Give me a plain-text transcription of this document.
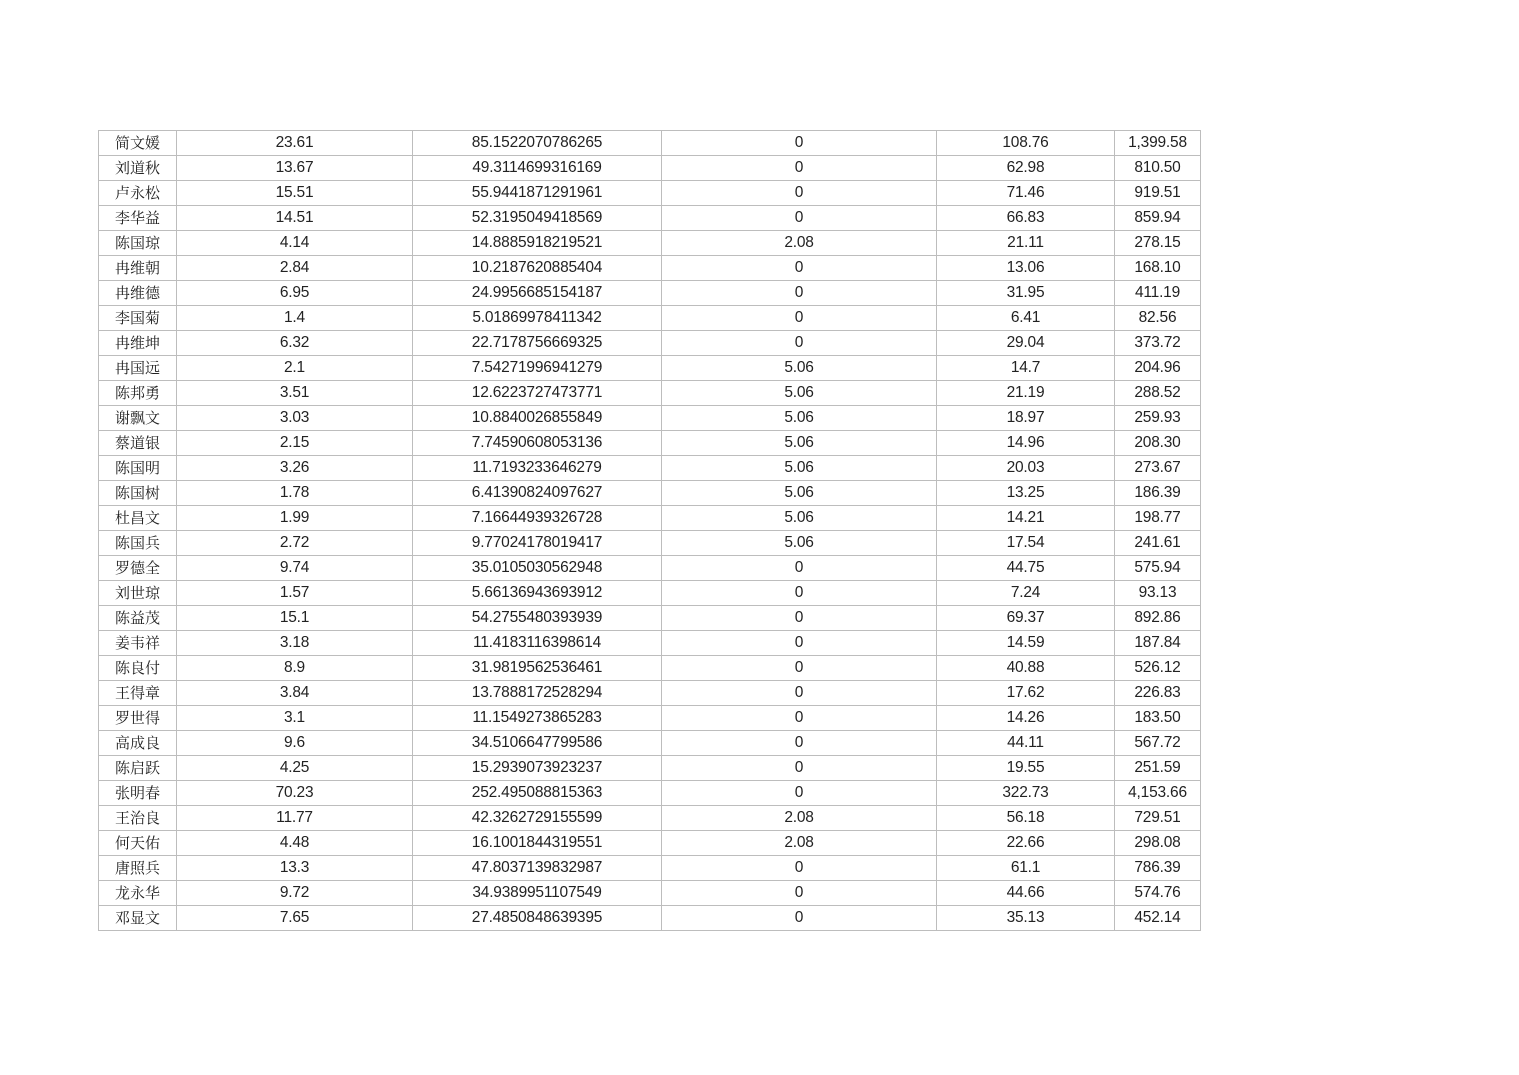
简文媛	23.61	85.1522070786265	0	108.76	1,399.58
刘道秋	13.67	49.3114699316169	0	62.98	810.50
卢永松	15.51	55.9441871291961	0	71.46	919.51
李华益	14.51	52.3195049418569	0	66.83	859.94
陈国琼	4.14	14.8885918219521	2.08	21.11	278.15
冉维朝	2.84	10.2187620885404	0	13.06	168.10
冉维德	6.95	24.9956685154187	0	31.95	411.19
李国菊	1.4	5.01869978411342	0	6.41	82.56
冉维坤	6.32	22.7178756669325	0	29.04	373.72
冉国远	2.1	7.54271996941279	5.06	14.7	204.96
陈邦勇	3.51	12.6223727473771	5.06	21.19	288.52
谢飘文	3.03	10.8840026855849	5.06	18.97	259.93
蔡道银	2.15	7.74590608053136	5.06	14.96	208.30
陈国明	3.26	11.7193233646279	5.06	20.03	273.67
陈国树	1.78	6.41390824097627	5.06	13.25	186.39
杜昌文	1.99	7.16644939326728	5.06	14.21	198.77
陈国兵	2.72	9.77024178019417	5.06	17.54	241.61
罗德全	9.74	35.0105030562948	0	44.75	575.94
刘世琼	1.57	5.66136943693912	0	7.24	93.13
陈益茂	15.1	54.2755480393939	0	69.37	892.86
姜韦祥	3.18	11.4183116398614	0	14.59	187.84
陈良付	8.9	31.9819562536461	0	40.88	526.12
王得章	3.84	13.7888172528294	0	17.62	226.83
罗世得	3.1	11.1549273865283	0	14.26	183.50
高成良	9.6	34.5106647799586	0	44.11	567.72
陈启跃	4.25	15.2939073923237	0	19.55	251.59
张明春	70.23	252.495088815363	0	322.73	4,153.66
王治良	11.77	42.3262729155599	2.08	56.18	729.51
何天佑	4.48	16.1001844319551	2.08	22.66	298.08
唐照兵	13.3	47.8037139832987	0	61.1	786.39
龙永华	9.72	34.9389951107549	0	44.66	574.76
邓显文	7.65	27.4850848639395	0	35.13	452.14
